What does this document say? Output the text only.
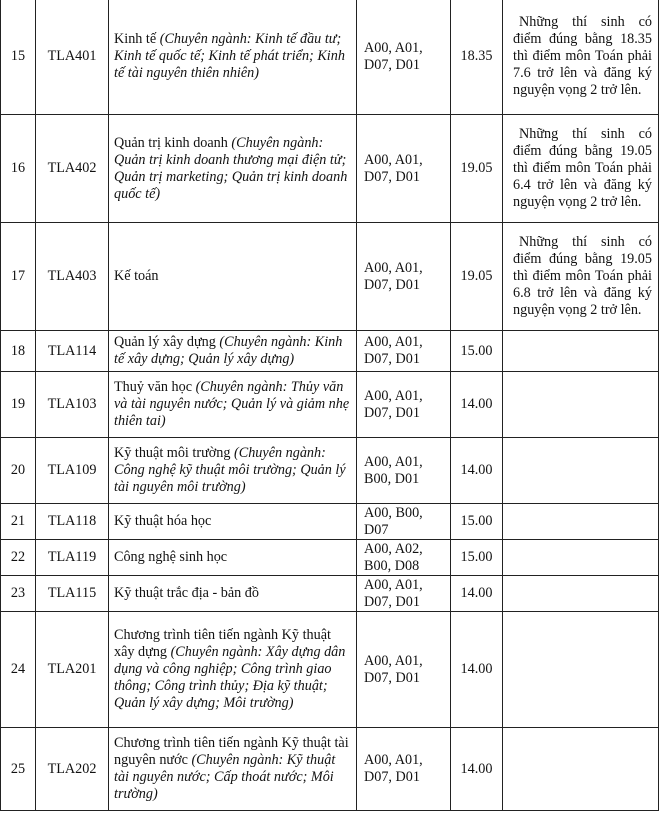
15	TLA401	Kinh tế (Chuyên ngành: Kinh tế đầu tư; Kinh tế quốc tế; Kinh tế phát triển; Kinh tế tài nguyên thiên nhiên)	A00, A01,
D07, D01	18.35	Những thí sinh có điểm đúng bằng 18.35 thì điểm môn Toán phải 7.6 trở lên và đăng ký nguyện vọng 2 trở lên.

16	TLA402	Quản trị kinh doanh (Chuyên ngành: Quản trị kinh doanh thương mại điện tử; Quản trị marketing; Quản trị kinh doanh quốc tế)	A00, A01,
D07, D01	19.05	Những thí sinh có điểm đúng bằng 19.05 thì điểm môn Toán phải 6.4 trở lên và đăng ký nguyện vọng 2 trở lên.

17	TLA403	Kế toán	A00, A01,
D07, D01	19.05	Những thí sinh có điểm đúng bằng 19.05 thì điểm môn Toán phải 6.8 trở lên và đăng ký nguyện vọng 2 trở lên.

18	TLA114	Quản lý xây dựng (Chuyên ngành: Kinh tế xây dựng; Quản lý xây dựng)	A00, A01,
D07, D01	15.00	
19	TLA103	Thuỷ văn học (Chuyên ngành: Thủy văn và tài nguyên nước; Quản lý và giảm nhẹ thiên tai)	A00, A01,
D07, D01	14.00	
20	TLA109	Kỹ thuật môi trường (Chuyên ngành: Công nghệ kỹ thuật môi trường; Quản lý tài nguyên môi trường)	A00, A01,
B00, D01	14.00	
21	TLA118	Kỹ thuật hóa học	A00, B00,
D07	15.00	
22	TLA119	Công nghệ sinh học	A00, A02,
B00, D08	15.00	
23	TLA115	Kỹ thuật trắc địa - bản đồ	A00, A01,
D07, D01	14.00	
24	TLA201	Chương trình tiên tiến ngành Kỹ thuật xây dựng (Chuyên ngành: Xây dựng dân dụng và công nghiệp; Công trình giao thông; Công trình thủy; Địa kỹ thuật; Quản lý xây dựng; Môi trường)	A00, A01,
D07, D01	14.00	
25	TLA202	Chương trình tiên tiến ngành Kỹ thuật tài nguyên nước (Chuyên ngành: Kỹ thuật tài nguyên nước; Cấp thoát nước; Môi trường)	A00, A01,
D07, D01	14.00	
